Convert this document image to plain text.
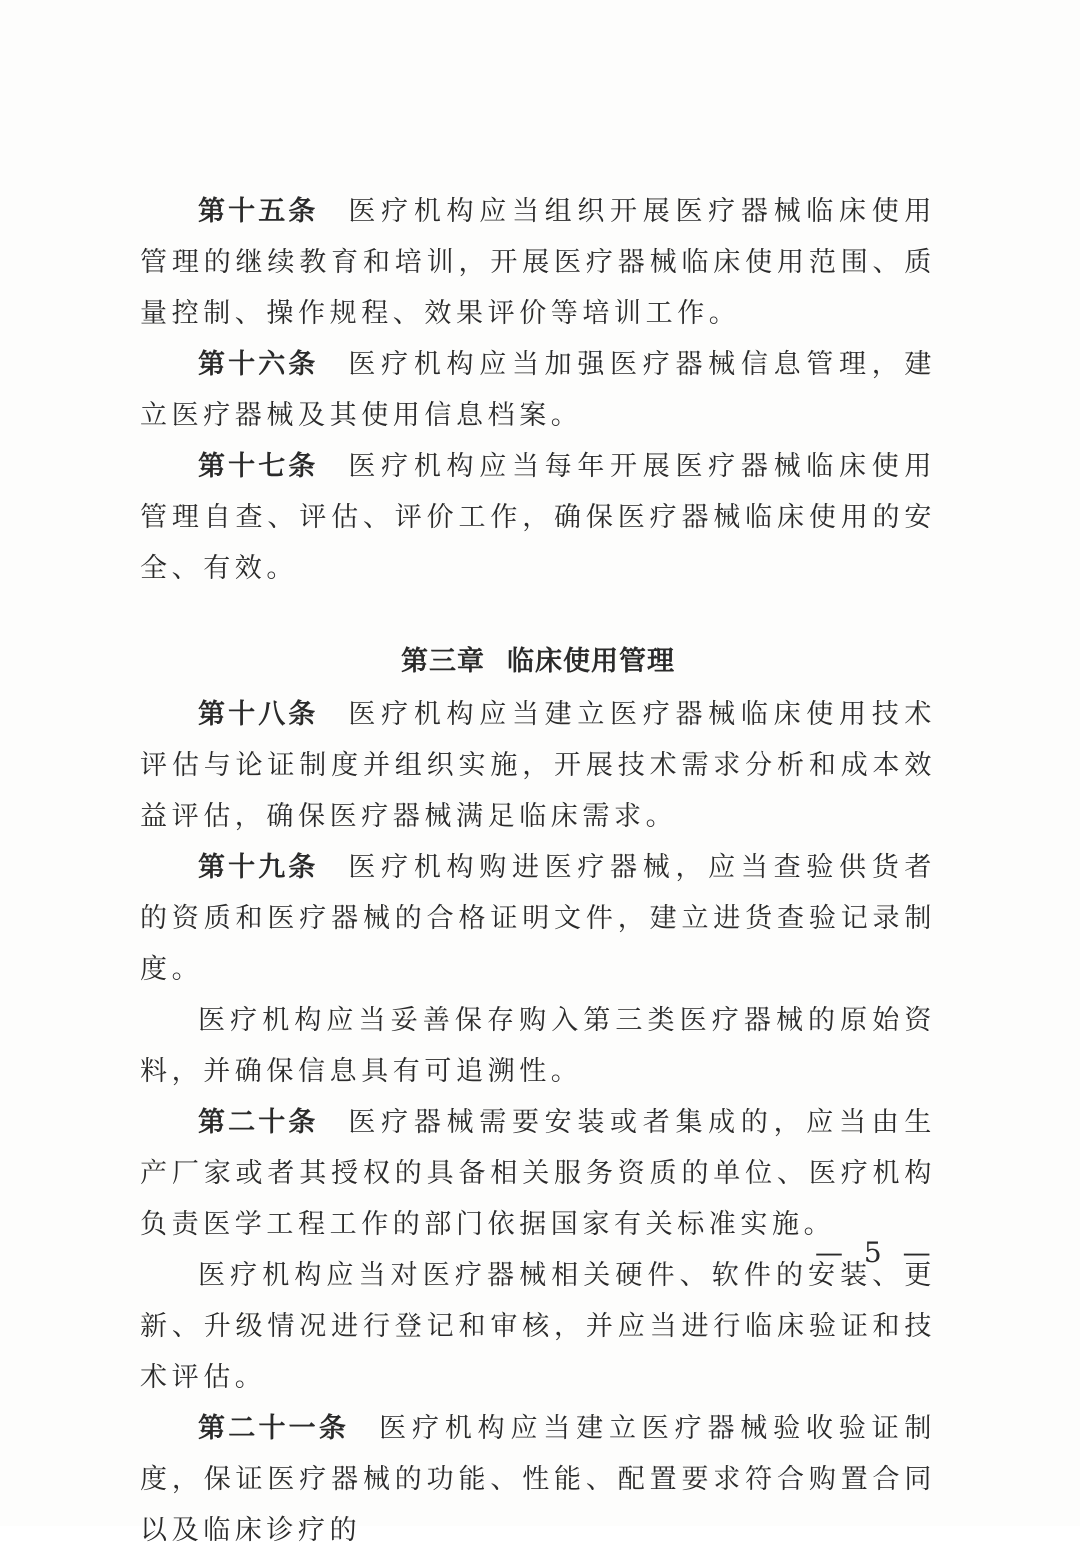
第十五条 医疗机构应当组织开展医疗器械临床使用管理的继续教育和培训，开展医疗器械临床使用范围、质量控制、操作规程、效果评价等培训工作。

第十六条 医疗机构应当加强医疗器械信息管理，建立医疗器械及其使用信息档案。

第十七条 医疗机构应当每年开展医疗器械临床使用管理自查、评估、评价工作，确保医疗器械临床使用的安全、有效。

第三章 临床使用管理

第十八条 医疗机构应当建立医疗器械临床使用技术评估与论证制度并组织实施，开展技术需求分析和成本效益评估，确保医疗器械满足临床需求。

第十九条 医疗机构购进医疗器械，应当查验供货者的资质和医疗器械的合格证明文件，建立进货查验记录制度。

医疗机构应当妥善保存购入第三类医疗器械的原始资料，并确保信息具有可追溯性。

第二十条 医疗器械需要安装或者集成的，应当由生产厂家或者其授权的具备相关服务资质的单位、医疗机构负责医学工程工作的部门依据国家有关标准实施。

医疗机构应当对医疗器械相关硬件、软件的安装、更新、升级情况进行登记和审核，并应当进行临床验证和技术评估。

第二十一条 医疗机构应当建立医疗器械验收验证制度，保证医疗器械的功能、性能、配置要求符合购置合同以及临床诊疗的

— 5 —
